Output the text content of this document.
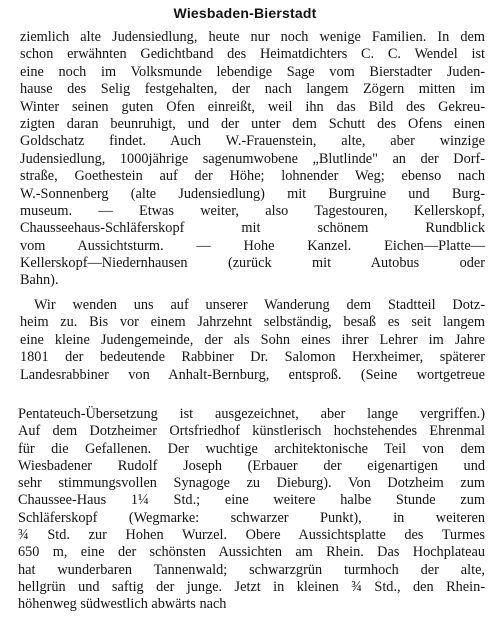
Wiesbaden-Bierstadt
ziemlich alte Judensiedlung, heute nur noch wenige Familien. In dem
schon erwähnten Gedichtband des Heimatdichters C. C. Wendel ist
eine noch im Volksmunde lebendige Sage vom Bierstadter Juden-
hause des Selig festgehalten, der nach langem Zögern mitten im
Winter seinen guten Ofen einreißt, weil ihn das Bild des Gekreu-
zigten daran beunruhigt, und der unter dem Schutt des Ofens einen
Goldschatz findet. Auch W.-Frauenstein, alte, aber winzige
Judensiedlung, 1000jährige sagenumwobene „Blutlinde" an der Dorf-
straße, Goethestein auf der Höhe; lohnender Weg; ebenso nach
W.-Sonnenberg (alte Judensiedlung) mit Burgruine und Burg-
museum. — Etwas weiter, also Tagestouren, Kellerskopf,
Chausseehaus-Schläferskopf mit schönem Rundblick
vom Aussichtsturm. — Hohe Kanzel. Eichen—Platte—
Kellerskopf—Niedernhausen (zurück mit Autobus oder
Bahn).
Wir wenden uns auf unserer Wanderung dem Stadtteil Dotz-
heim zu. Bis vor einem Jahrzehnt selbständig, besaß es seit langem
eine kleine Judengemeinde, der als Sohn eines ihrer Lehrer im Jahre
1801 der bedeutende Rabbiner Dr. Salomon Herxheimer, späterer
Landesrabbiner von Anhalt-Bernburg, entsproß. (Seine wortgetreue
Pentateuch-Übersetzung ist ausgezeichnet, aber lange vergriffen.)
Auf dem Dotzheimer Ortsfriedhof künstlerisch hochstehendes Ehrenmal
für die Gefallenen. Der wuchtige architektonische Teil von dem
Wiesbadener Rudolf Joseph (Erbauer der eigenartigen und
sehr stimmungsvollen Synagoge zu Dieburg). Von Dotzheim zum
Chaussee-Haus 1¼ Std.; eine weitere halbe Stunde zum
Schläferskopf (Wegmarke: schwarzer Punkt), in weiteren
¾ Std. zur Hohen Wurzel. Obere Aussichtsplatte des Turmes
650 m, eine der schönsten Aussichten am Rhein. Das Hochplateau
hat wunderbaren Tannenwald; schwarzgrün turmhoch der alte,
hellgrün und saftig der junge. Jetzt in kleinen ¾ Std., den Rhein-
höhenweg südwestlich abwärts nach
